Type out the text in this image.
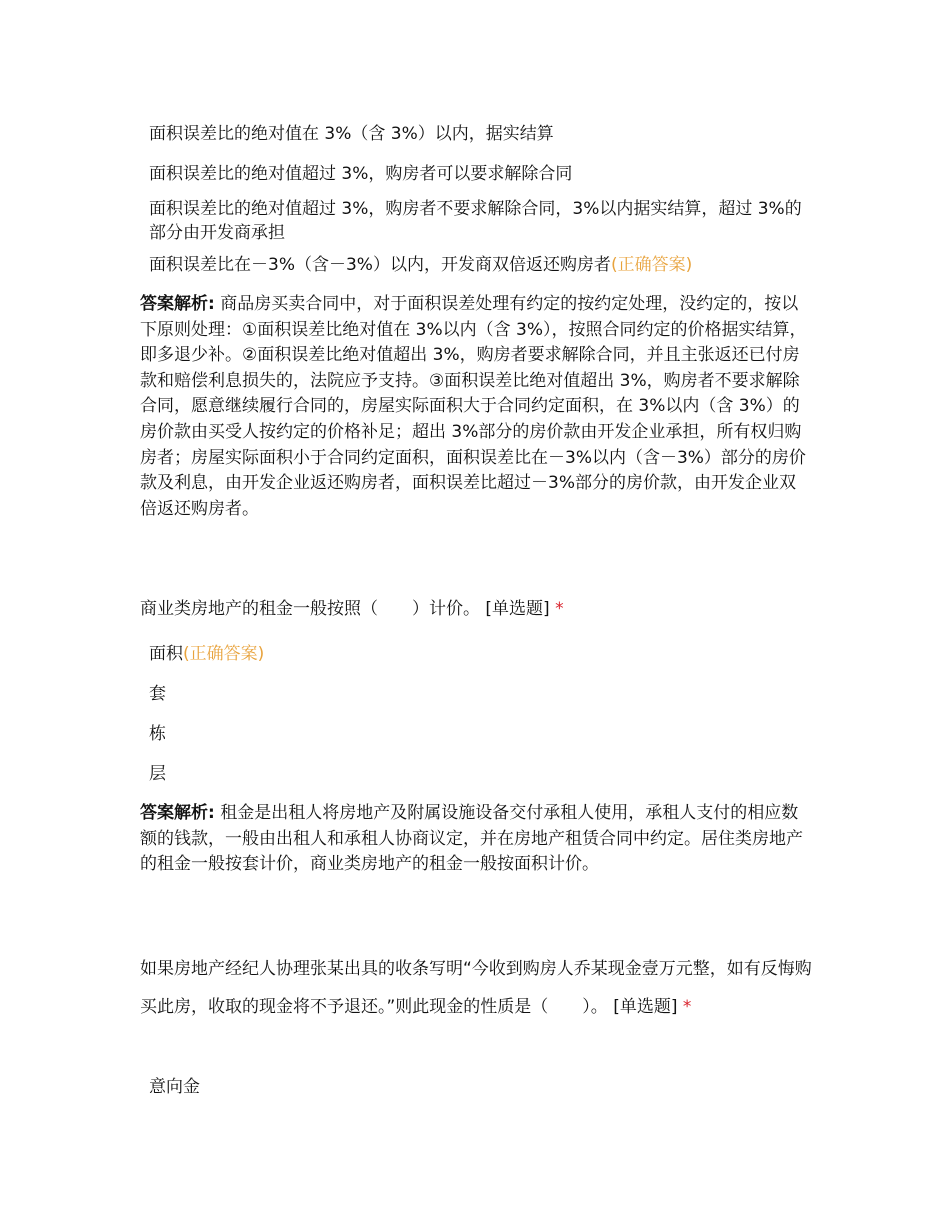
面积误差比的绝对值在 3%（含 3%）以内，据实结算
面积误差比的绝对值超过 3%，购房者可以要求解除合同
面积误差比的绝对值超过 3%，购房者不要求解除合同，3%以内据实结算，超过 3%的部分由开发商承担
面积误差比在－3%（含－3%）以内，开发商双倍返还购房者(正确答案)
答案解析: 商品房买卖合同中，对于面积误差处理有约定的按约定处理，没约定的，按以下原则处理：①面积误差比绝对值在 3%以内（含 3%），按照合同约定的价格据实结算，即多退少补。②面积误差比绝对值超出 3%，购房者要求解除合同，并且主张返还已付房款和赔偿利息损失的，法院应予支持。③面积误差比绝对值超出 3%，购房者不要求解除合同，愿意继续履行合同的，房屋实际面积大于合同约定面积，在 3%以内（含 3%）的房价款由买受人按约定的价格补足；超出 3%部分的房价款由开发企业承担，所有权归购房者；房屋实际面积小于合同约定面积，面积误差比在－3%以内（含－3%）部分的房价款及利息，由开发企业返还购房者，面积误差比超过－3%部分的房价款，由开发企业双倍返还购房者。
商业类房地产的租金一般按照（　　）计价。 [单选题] *
面积(正确答案)
套
栋
层
答案解析: 租金是出租人将房地产及附属设施设备交付承租人使用，承租人支付的相应数额的钱款，一般由出租人和承租人协商议定，并在房地产租赁合同中约定。居住类房地产的租金一般按套计价，商业类房地产的租金一般按面积计价。
如果房地产经纪人协理张某出具的收条写明“今收到购房人乔某现金壹万元整，如有反悔购买此房，收取的现金将不予退还。”则此现金的性质是（　　）。 [单选题] *
意向金
